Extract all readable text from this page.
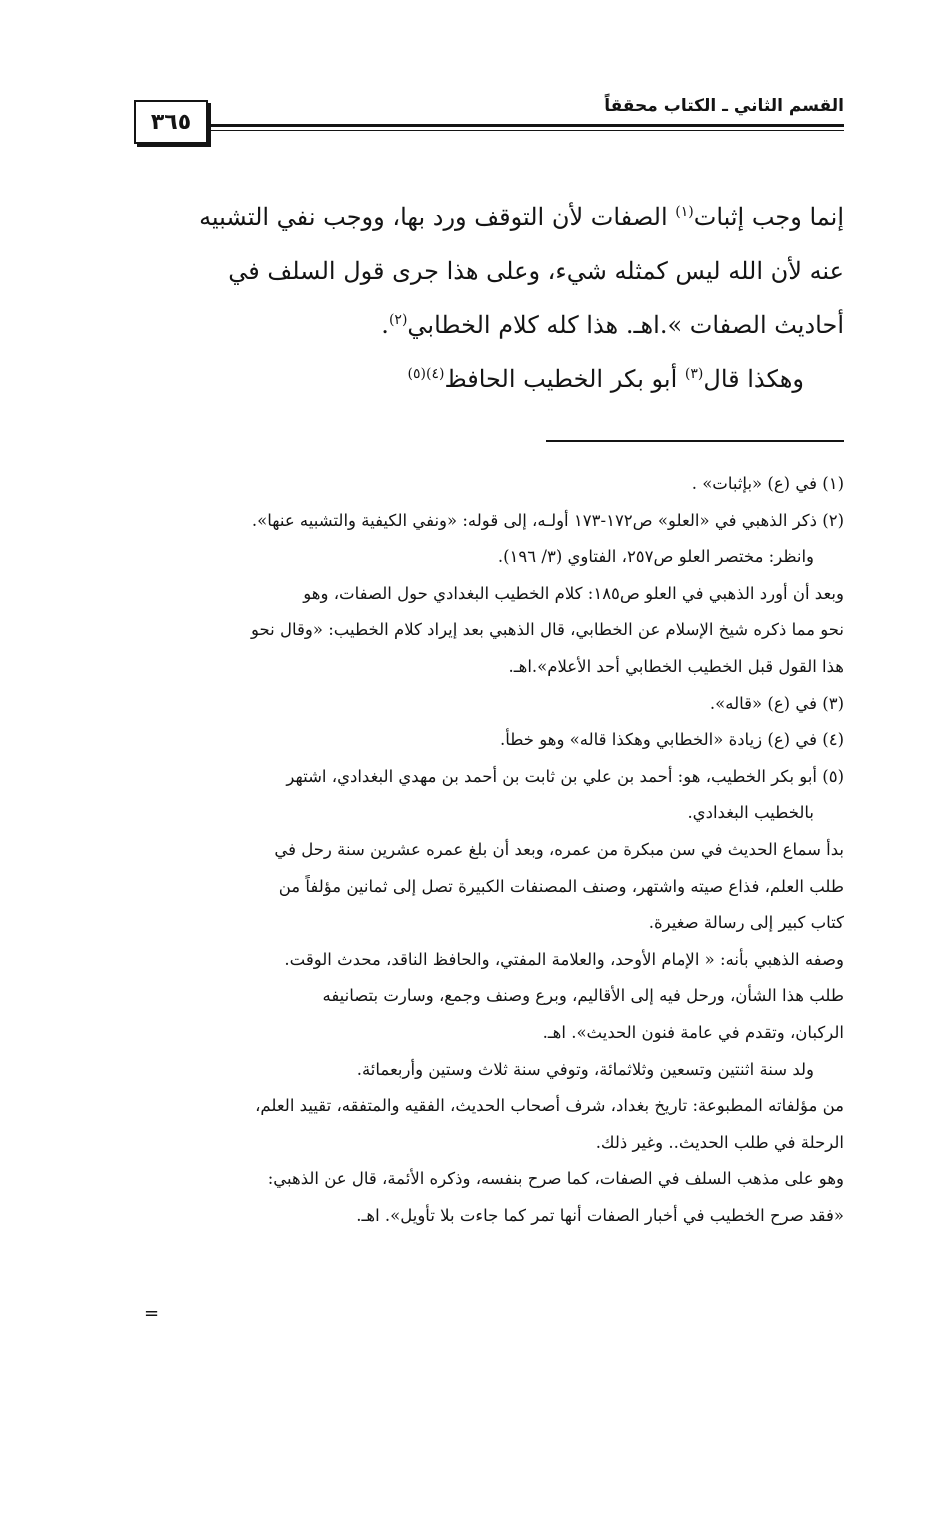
٣٦٥
القسم الثاني ـ الكتاب محققاً

إنما وجب إثبات$^{(١)}$ الصفات لأن التوقف ورد بها، ووجب نفي التشبيه

عنه لأن الله ليس كمثله شيء، وعلى هذا جرى قول السلف في

أحاديث الصفات ».اهـ. هذا كله كلام الخطابي$^{(٢)}$.

وهكذا قال$^{(٣)}$ أبو بكر الخطيب الحافظ$^{(٤)(٥)}$

(١) في (ع) «بإثبات» .
(٢) ذكر الذهبي في «العلو» ص١٧٢-١٧٣ أولـه، إلى قوله: «ونفي الكيفية والتشبيه عنها».
وانظر: مختصر العلو ص٢٥٧، الفتاوي (٣/ ١٩٦).
وبعد أن أورد الذهبي في العلو ص١٨٥: كلام الخطيب البغدادي حول الصفات، وهو
نحو مما ذكره شيخ الإسلام عن الخطابي، قال الذهبي بعد إيراد كلام الخطيب: «وقال نحو
هذا القول قبل الخطيب الخطابي أحد الأعلام».اهـ.
(٣) في (ع) «قاله».
(٤) في (ع) زيادة «الخطابي وهكذا قاله» وهو خطأ.
(٥) أبو بكر الخطيب، هو: أحمد بن علي بن ثابت بن أحمد بن مهدي البغدادي، اشتهر
بالخطيب البغدادي.
بدأ سماع الحديث في سن مبكرة من عمره، وبعد أن بلغ عمره عشرين سنة رحل في
طلب العلم، فذاع صيته واشتهر، وصنف المصنفات الكبيرة تصل إلى ثمانين مؤلفاً من
كتاب كبير إلى رسالة صغيرة.
وصفه الذهبي بأنه: « الإمام الأوحد، والعلامة المفتي، والحافظ الناقد، محدث الوقت.
طلب هذا الشأن، ورحل فيه إلى الأقاليم، وبرع وصنف وجمع، وسارت بتصانيفه
الركبان، وتقدم في عامة فنون الحديث». اهـ.
ولد سنة اثنتين وتسعين وثلاثمائة، وتوفي سنة ثلاث وستين وأربعمائة.
من مؤلفاته المطبوعة: تاريخ بغداد، شرف أصحاب الحديث، الفقيه والمتفقه، تقييد العلم،
الرحلة في طلب الحديث.. وغير ذلك.
وهو على مذهب السلف في الصفات، كما صرح بنفسه، وذكره الأئمة، قال عن الذهبي:
«فقد صرح الخطيب في أخبار الصفات أنها تمر كما جاءت بلا تأويل». اهـ.
=
